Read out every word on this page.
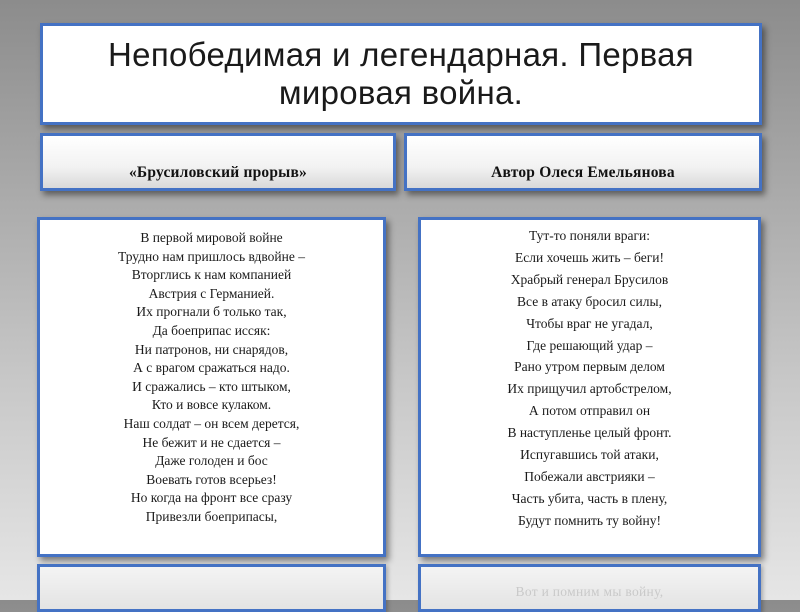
Непобедимая и легендарная. Первая мировая война.
«Брусиловский прорыв»	Автор Олеся Емельянова
В первой мировой войне
Трудно нам пришлось вдвойне –
Вторглись к нам компанией
Австрия с Германией.
Их прогнали б только так,
Да боеприпас иссяк:
Ни патронов, ни снарядов,
А с врагом сражаться надо.
И сражались – кто штыком,
Кто и вовсе кулаком.
Наш солдат – он всем дерется,
Не бежит и не сдается –
Даже голоден и бос
Воевать готов всерьез!
Но когда на фронт все сразу
Привезли боеприпасы,
Тут-то поняли враги:
Если хочешь жить – беги!
Храбрый генерал Брусилов
Все в атаку бросил силы,
Чтобы враг не угадал,
Где решающий удар –
Рано утром первым делом
Их прищучил артобстрелом,
А потом отправил он
В наступленье целый фронт.
Испугавшись той атаки,
Побежали австрияки –
Часть убита, часть в плену,
Будут помнить ту войну!
Вот и помним мы войну,
